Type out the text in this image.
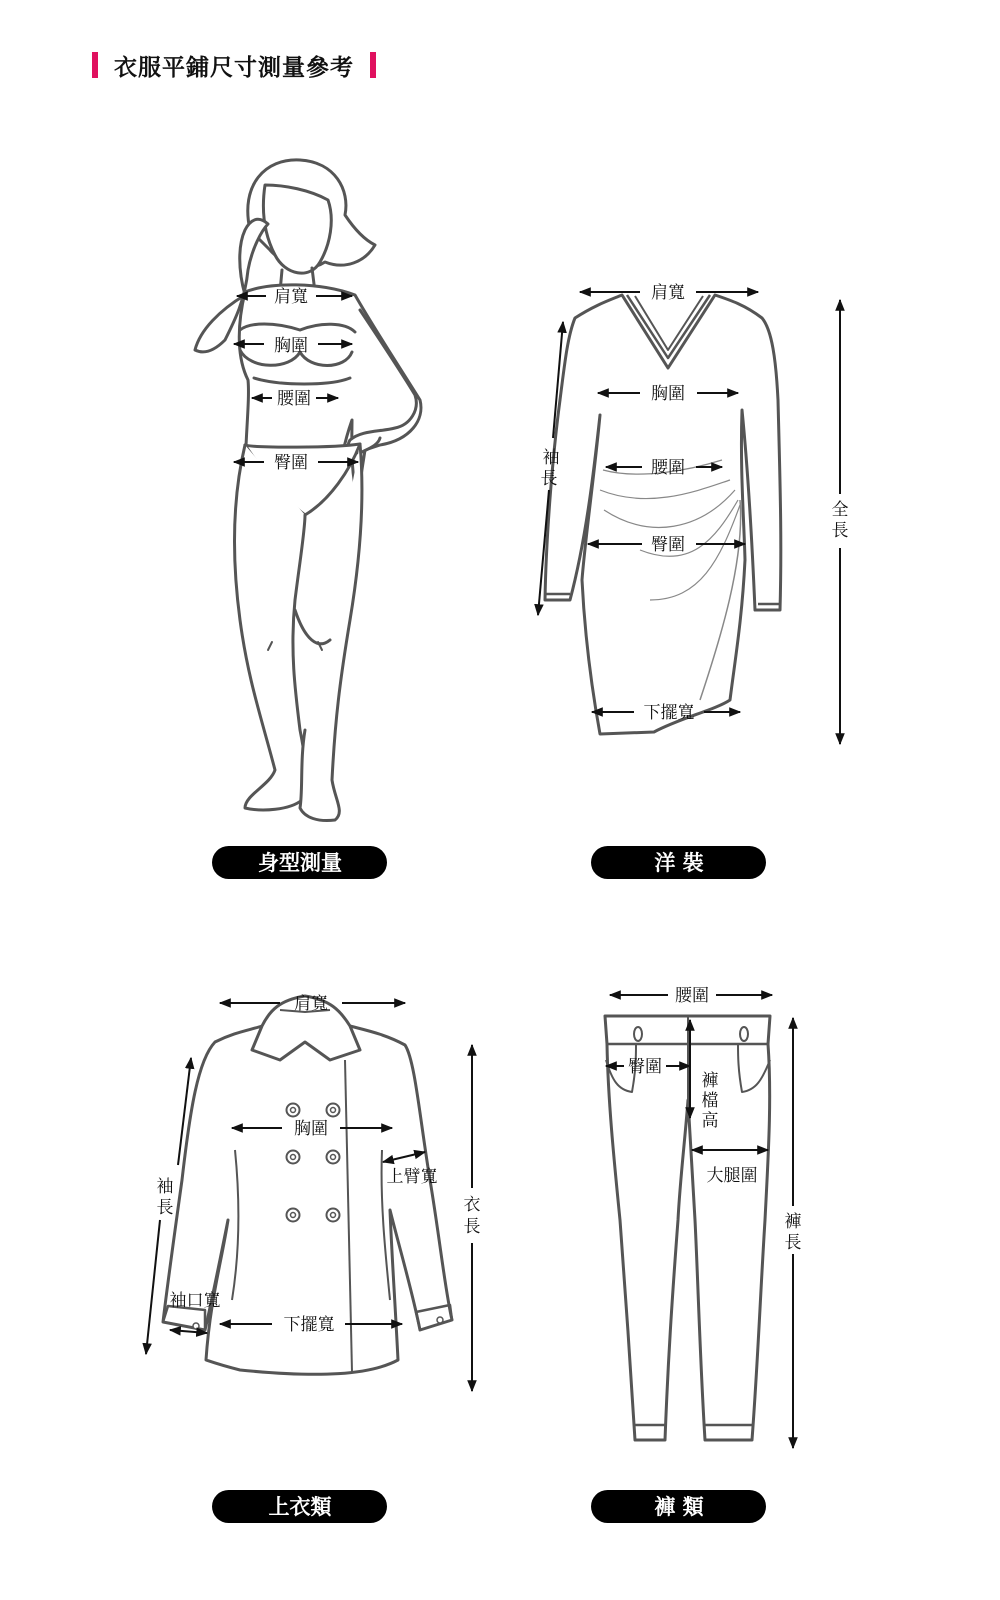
衣服平鋪尺寸測量參考
肩寬
胸圍
腰圍
臀圍
身型測量
肩寬
胸圍
腰圍
臀圍
下擺寬
袖
長
全
長
洋 裝
肩寬
胸圍
上臂寬
袖口寬
下擺寬
袖
長	衣
長
上衣類
腰圍
臀圍
褲
檔
高
大腿圍
褲
長
褲 類
